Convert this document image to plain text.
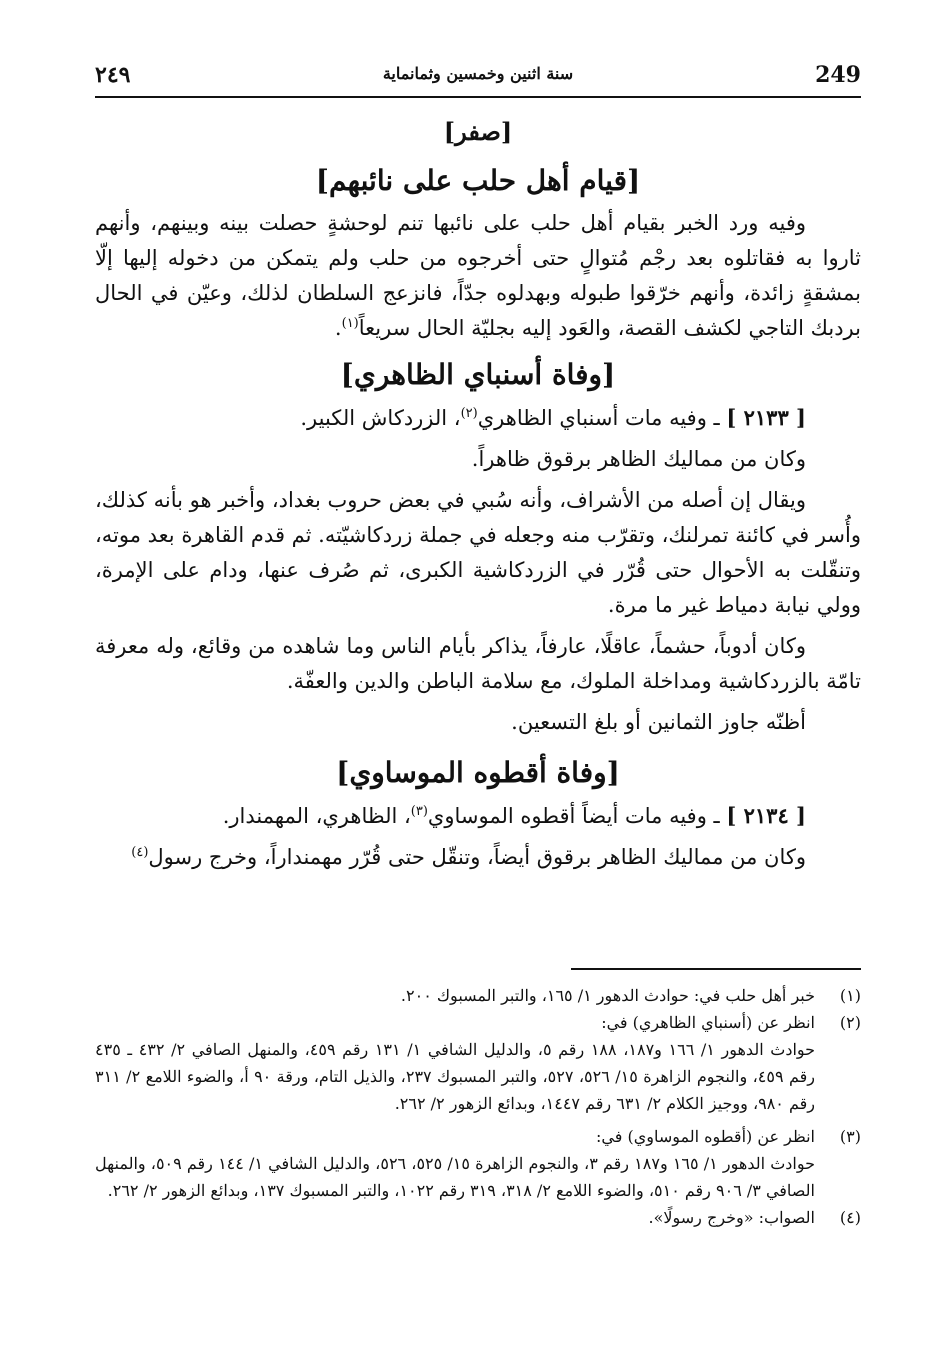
249
سنة اثنين وخمسين وثمانماية
٢٤٩
[صفر]
[قيام أهل حلب على نائبهم]

وفيه ورد الخبر بقيام أهل حلب على نائبها تنم لوحشةٍ حصلت بينه وبينهم، وأنهم ثاروا به فقاتلوه بعد رجْم مُتوالٍ حتى أخرجوه من حلب ولم يتمكن من دخوله إليها إلّا بمشقةٍ زائدة، وأنهم خرّقوا طبوله وبهدلوه جدّاً، فانزعج السلطان لذلك، وعيّن في الحال بردبك التاجي لكشف القصة، والعَود إليه بجليّة الحال سريعاً$^{(١)}$.

[وفاة أسنباي الظاهري]

[ ٢١٣٣ ] ـ وفيه مات أسنباي الظاهري$^{(٢)}$، الزردكاش الكبير.

وكان من مماليك الظاهر برقوق ظاهراً.

ويقال إن أصله من الأشراف، وأنه سُبي في بعض حروب بغداد، وأخبر هو بأنه كذلك، وأُسر في كائنة تمرلنك، وتقرّب منه وجعله في جملة زردكاشيّته. ثم قدم القاهرة بعد موته، وتنقّلت به الأحوال حتى قُرّر في الزردكاشية الكبرى، ثم صُرف عنها، ودام على الإمرة، وولي نيابة دمياط غير ما مرة.

وكان أدوباً، حشماً، عاقلًا، عارفاً، يذاكر بأيام الناس وما شاهده من وقائع، وله معرفة تامّة بالزردكاشية ومداخلة الملوك، مع سلامة الباطن والدين والعفّة.

أظنّه جاوز الثمانين أو بلغ التسعين.

[وفاة أقطوه الموساوي]

[ ٢١٣٤ ] ـ وفيه مات أيضاً أقطوه الموساوي$^{(٣)}$، الظاهري، المهمندار.

وكان من مماليك الظاهر برقوق أيضاً، وتنقّل حتى قُرّر مهمنداراً، وخرج رسول$^{(٤)}$

(١)
خبر أهل حلب في: حوادث الدهور ١/ ١٦٥، والتبر المسبوك ٢٠٠.
(٢)
انظر عن (أسنباي الظاهري) في:
حوادث الدهور ١/ ١٦٦ و١٨٧، ١٨٨ رقم ٥، والدليل الشافي ١/ ١٣١ رقم ٤٥٩، والمنهل الصافي ٢/ ٤٣٢ ـ ٤٣٥ رقم ٤٥٩، والنجوم الزاهرة ١٥/ ٥٢٦، ٥٢٧، والتبر المسبوك ٢٣٧، والذيل التام، ورقة ٩٠ أ، والضوء اللامع ٢/ ٣١١ رقم ٩٨٠، ووجيز الكلام ٢/ ٦٣١ رقم ١٤٤٧، وبدائع الزهور ٢/ ٢٦٢.
(٣)
انظر عن (أقطوه الموساوي) في:
حوادث الدهور ١/ ١٦٥ و١٨٧ رقم ٣، والنجوم الزاهرة ١٥/ ٥٢٥، ٥٢٦، والدليل الشافي ١/ ١٤٤ رقم ٥٠٩، والمنهل الصافي ٣/ ٩٠٦ رقم ٥١٠، والضوء اللامع ٢/ ٣١٨، ٣١٩ رقم ١٠٢٢، والتبر المسبوك ١٣٧، وبدائع الزهور ٢/ ٢٦٢.
(٤)
الصواب: «وخرج رسولًا».
